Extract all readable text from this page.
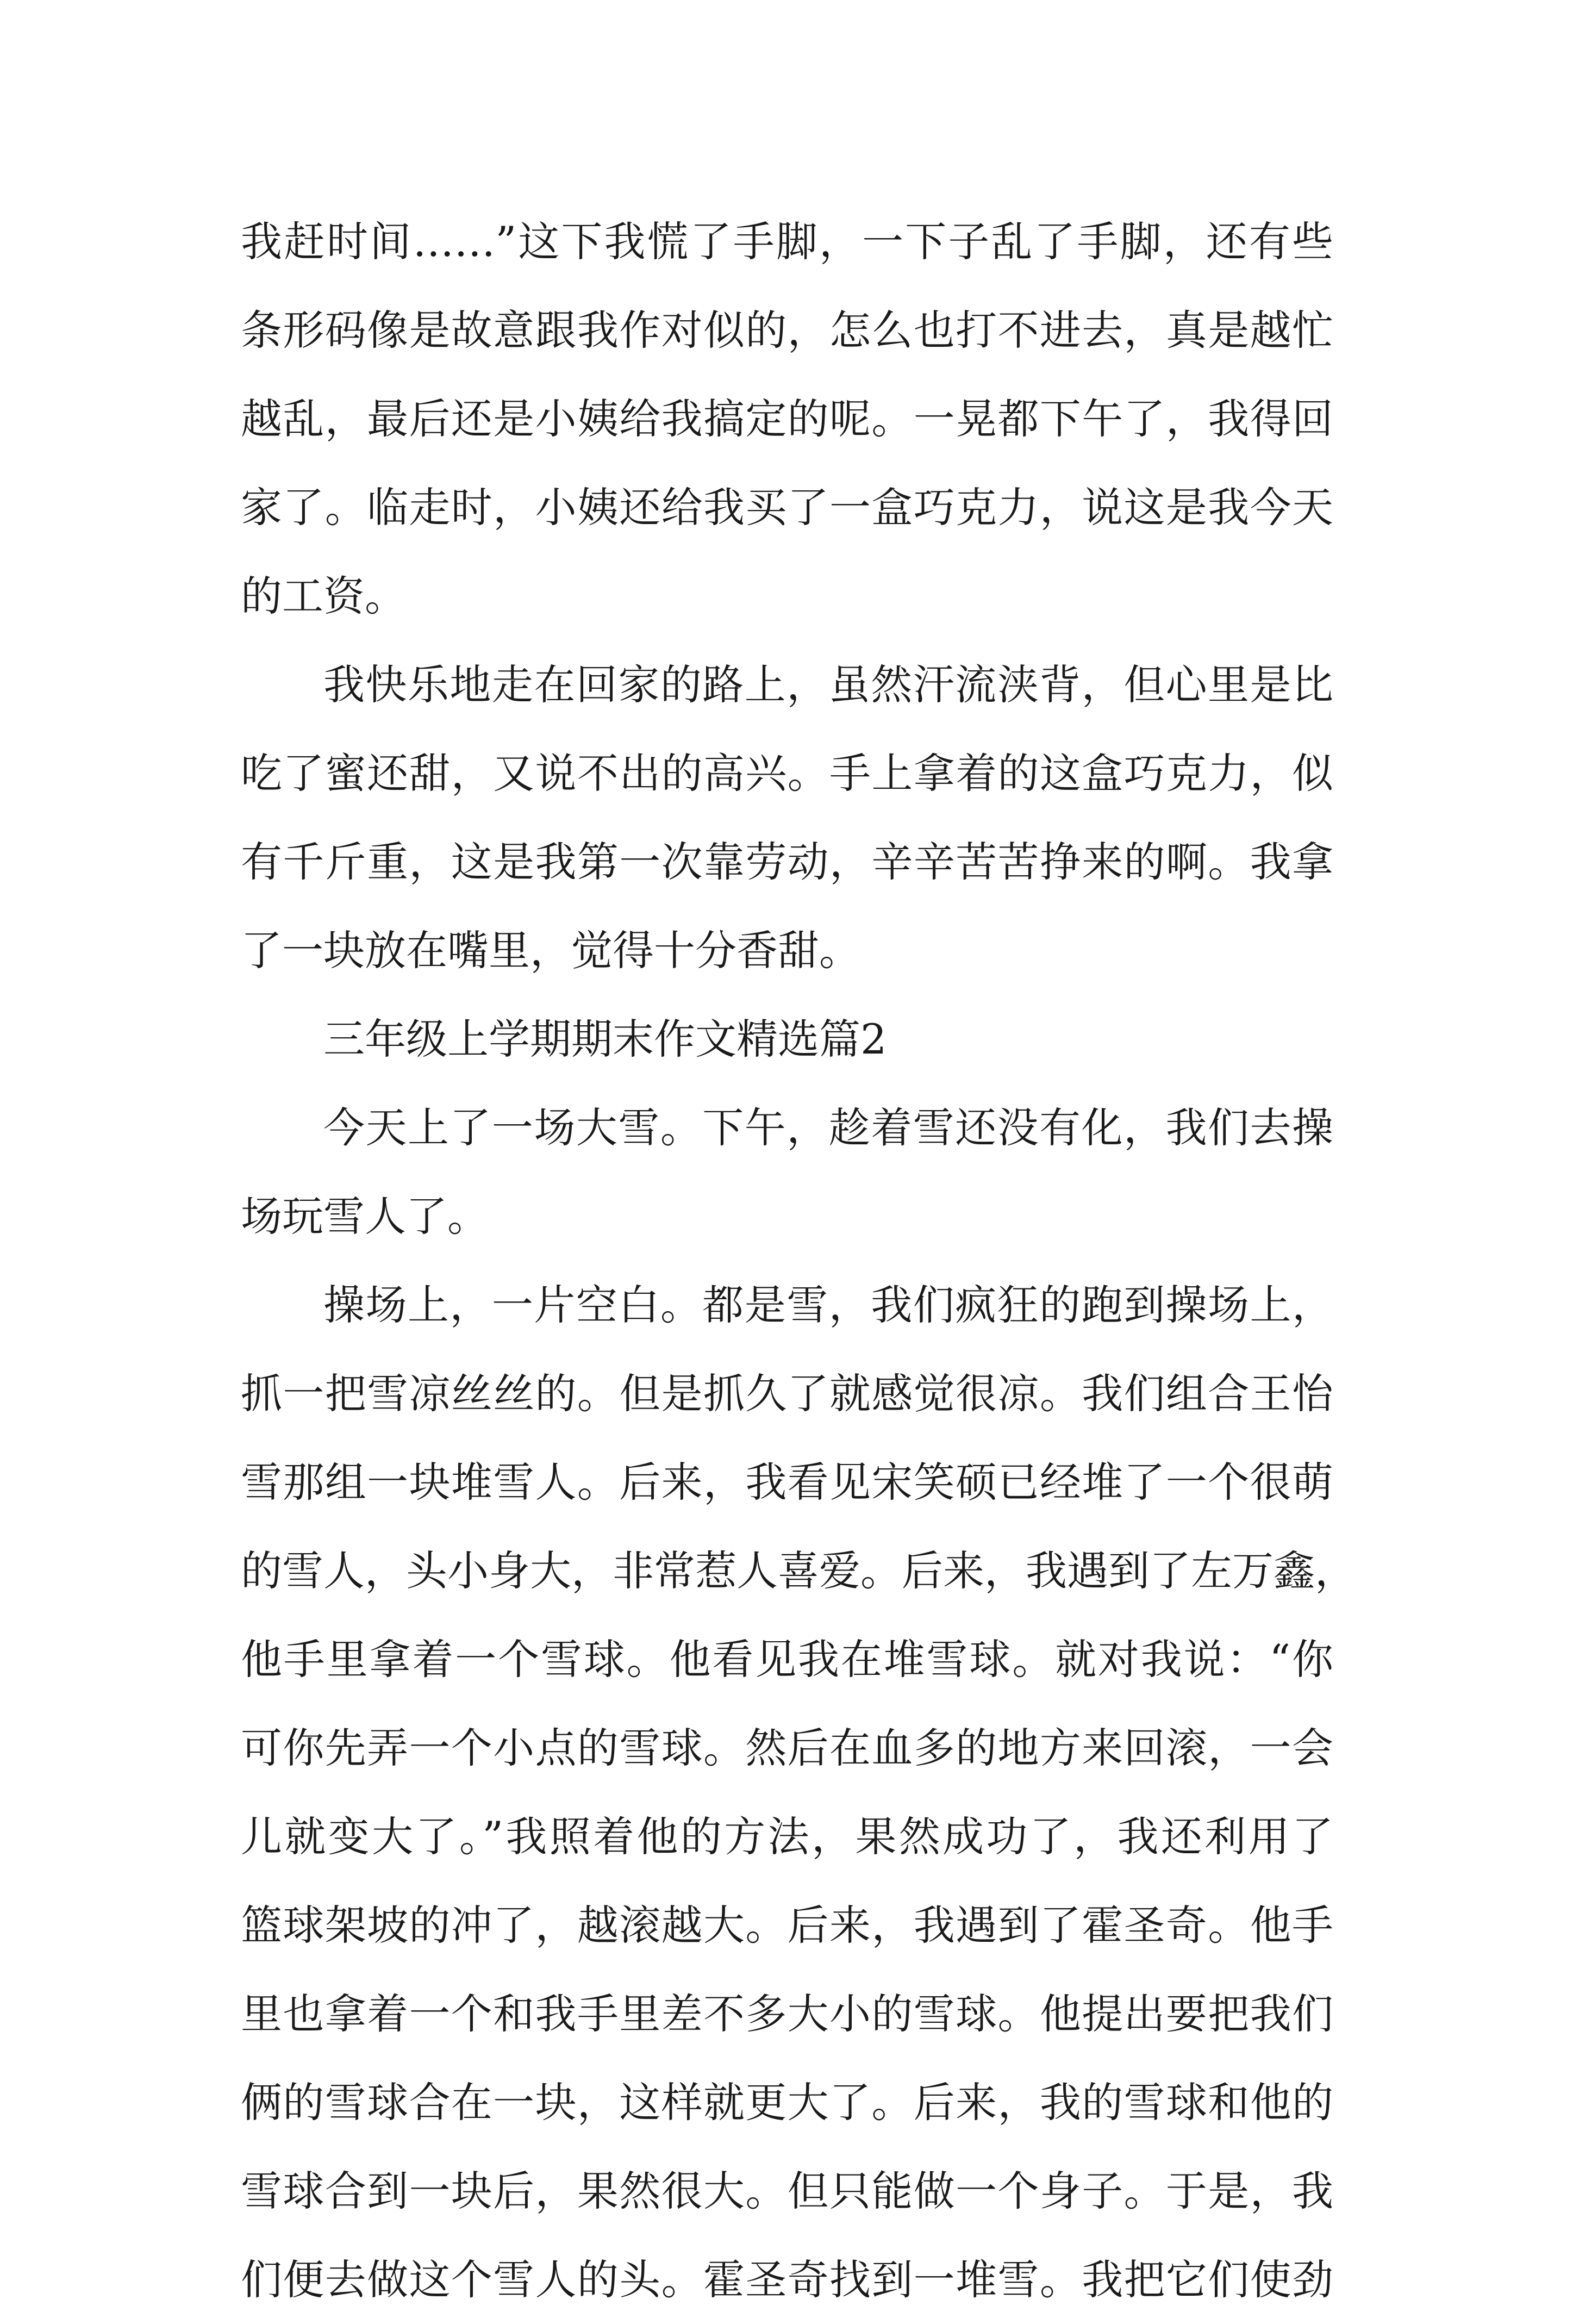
我赶时间……”这下我慌了手脚，一下子乱了手脚，还有些
条形码像是故意跟我作对似的，怎么也打不进去，真是越忙
越乱，最后还是小姨给我搞定的呢。一晃都下午了，我得回
家了。临走时，小姨还给我买了一盒巧克力，说这是我今天
的工资。
我快乐地走在回家的路上，虽然汗流浃背，但心里是比
吃了蜜还甜，又说不出的高兴。手上拿着的这盒巧克力，似
有千斤重，这是我第一次靠劳动，辛辛苦苦挣来的啊。我拿
了一块放在嘴里，觉得十分香甜。
三年级上学期期末作文精选篇2
今天上了一场大雪。下午，趁着雪还没有化，我们去操
场玩雪人了。
操场上，一片空白。都是雪，我们疯狂的跑到操场上，
抓一把雪凉丝丝的。但是抓久了就感觉很凉。我们组合王怡
雪那组一块堆雪人。后来，我看见宋笑硕已经堆了一个很萌
的雪人，头小身大，非常惹人喜爱。后来，我遇到了左万鑫，
他手里拿着一个雪球。他看见我在堆雪球。就对我说：“你
可你先弄一个小点的雪球。然后在血多的地方来回滚，一会
儿就变大了。”我照着他的方法，果然成功了，我还利用了
篮球架坡的冲了，越滚越大。后来，我遇到了霍圣奇。他手
里也拿着一个和我手里差不多大小的雪球。他提出要把我们
俩的雪球合在一块，这样就更大了。后来，我的雪球和他的
雪球合到一块后，果然很大。但只能做一个身子。于是，我
们便去做这个雪人的头。霍圣奇找到一堆雪。我把它们使劲
